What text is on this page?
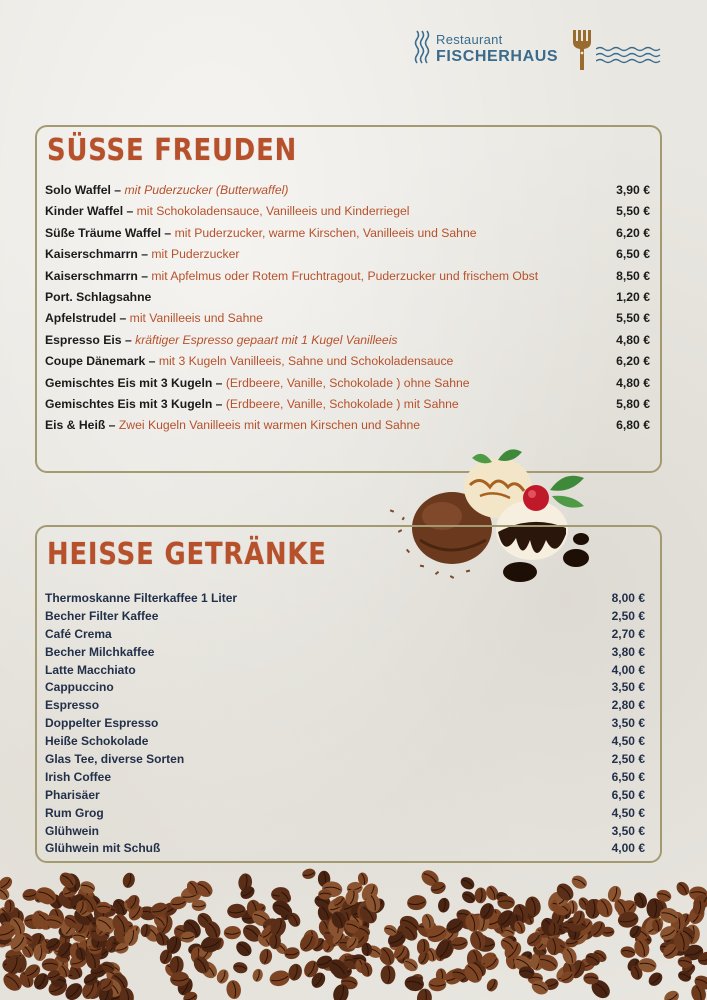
Restaurant
FISCHERHAUS
SÜSSE FREUDEN
Solo Waffel – mit Puderzucker (Butterwaffel)	3,90 €
Kinder Waffel – mit Schokoladensauce, Vanilleeis und Kinderriegel	5,50 €
Süße Träume Waffel – mit Puderzucker, warme Kirschen, Vanilleeis und Sahne	6,20 €
Kaiserschmarrn – mit Puderzucker	6,50 €
Kaiserschmarrn – mit Apfelmus oder Rotem Fruchtragout, Puderzucker und frischem Obst	8,50 €
Port. Schlagsahne	1,20 €
Apfelstrudel – mit Vanilleeis und Sahne	5,50 €
Espresso Eis – kräftiger Espresso gepaart mit 1 Kugel Vanilleeis	4,80 €
Coupe Dänemark – mit 3 Kugeln Vanilleeis, Sahne und Schokoladensauce	6,20 €
Gemischtes Eis mit 3 Kugeln – (Erdbeere, Vanille, Schokolade ) ohne Sahne	4,80 €
Gemischtes Eis mit 3 Kugeln – (Erdbeere, Vanille, Schokolade ) mit Sahne	5,80 €
Eis & Heiß – Zwei Kugeln Vanilleeis mit warmen Kirschen und Sahne	6,80 €
HEISSE GETRÄNKE
Thermoskanne Filterkaffee 1 Liter	8,00 €
Becher Filter Kaffee	2,50 €
Café Crema	2,70 €
Becher Milchkaffee	3,80 €
Latte Macchiato	4,00 €
Cappuccino	3,50 €
Espresso	2,80 €
Doppelter Espresso	3,50 €
Heiße Schokolade	4,50 €
Glas Tee, diverse Sorten	2,50 €
Irish Coffee	6,50 €
Pharisäer	6,50 €
Rum Grog	4,50 €
Glühwein	3,50 €
Glühwein mit Schuß	4,00 €
